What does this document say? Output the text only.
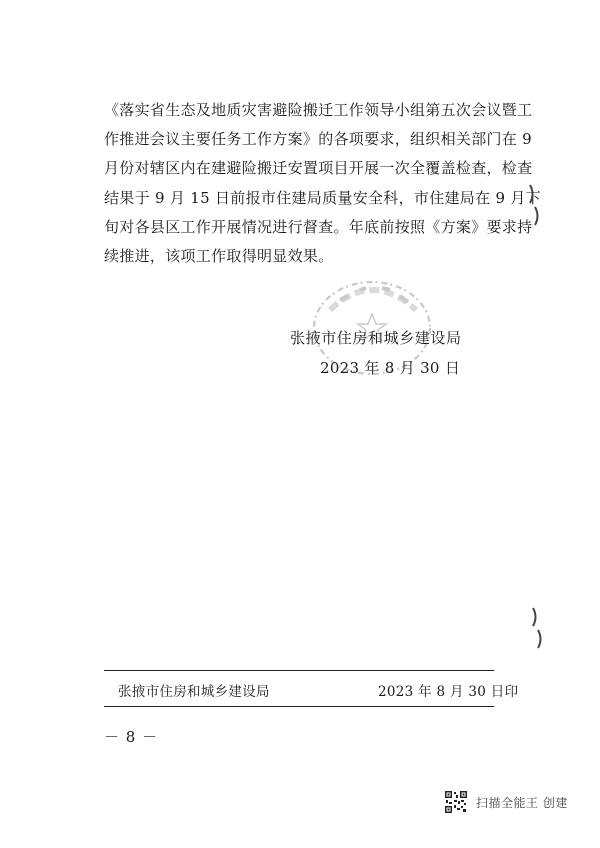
《落实省生态及地质灾害避险搬迁工作领导小组第五次会议暨工
作推进会议主要任务工作方案》的各项要求，组织相关部门在 9
月份对辖区内在建避险搬迁安置项目开展一次全覆盖检查，检查
结果于 9 月 15 日前报市住建局质量安全科，市住建局在 9 月下
旬对各县区工作开展情况进行督查。年底前按照《方案》要求持
续推进，该项工作取得明显效果。
张掖市住房和城乡建设局
2023 年 8 月 30 日
张掖市住房和城乡建设局	2023 年 8 月 30 日印
－ 8 －
扫描全能王 创建
